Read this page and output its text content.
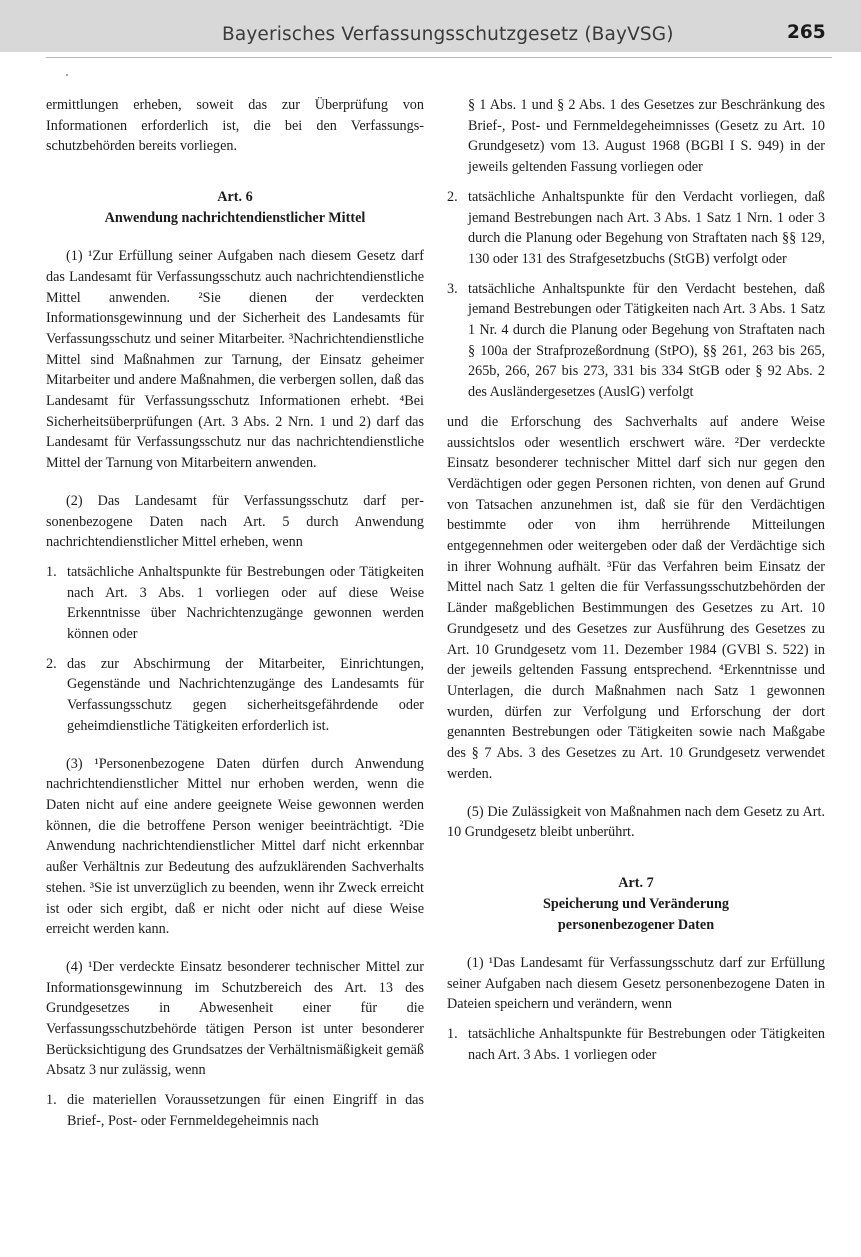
Bayerisches Verfassungsschutzgesetz (BayVSG)	265

ermittlungen erheben, soweit das zur Überprüfung von Informationen erforderlich ist, die bei den Verfassungsschutzbehörden bereits vorliegen.

Art. 6
Anwendung nachrichtendienstlicher Mittel

(1) ¹Zur Erfüllung seiner Aufgaben nach diesem Gesetz darf das Landesamt für Verfassungsschutz auch nachrichtendienstliche Mittel anwenden. ²Sie dienen der verdeckten Informationsgewinnung und der Sicherheit des Landesamts für Verfassungsschutz und seiner Mitarbeiter. ³Nachrichtendienstliche Mittel sind Maßnahmen zur Tarnung, der Einsatz geheimer Mitarbeiter und andere Maßnahmen, die verbergen sollen, daß das Landesamt für Verfassungsschutz Informationen erhebt. ⁴Bei Sicherheitsüberprüfungen (Art. 3 Abs. 2 Nrn. 1 und 2) darf das Landesamt für Verfassungsschutz nur das nachrichtendienstliche Mittel der Tarnung von Mitarbeitern anwenden.

(2) Das Landesamt für Verfassungsschutz darf personenbezogene Daten nach Art. 5 durch Anwendung nachrichtendienstlicher Mittel erheben, wenn

1. tatsächliche Anhaltspunkte für Bestrebungen oder Tätigkeiten nach Art. 3 Abs. 1 vorliegen oder auf diese Weise Erkenntnisse über Nachrichtenzugänge gewonnen werden können oder
2. das zur Abschirmung der Mitarbeiter, Einrichtungen, Gegenstände und Nachrichtenzugänge des Landesamts für Verfassungsschutz gegen sicherheitsgefährdende oder geheimdienstliche Tätigkeiten erforderlich ist.

(3) ¹Personenbezogene Daten dürfen durch Anwendung nachrichtendienstlicher Mittel nur erhoben werden, wenn die Daten nicht auf eine andere geeignete Weise gewonnen werden können, die die betroffene Person weniger beeinträchtigt. ²Die Anwendung nachrichtendienstlicher Mittel darf nicht erkennbar außer Verhältnis zur Bedeutung des aufzuklärenden Sachverhalts stehen. ³Sie ist unverzüglich zu beenden, wenn ihr Zweck erreicht ist oder sich ergibt, daß er nicht oder nicht auf diese Weise erreicht werden kann.

(4) ¹Der verdeckte Einsatz besonderer technischer Mittel zur Informationsgewinnung im Schutzbereich des Art. 13 des Grundgesetzes in Abwesenheit einer für die Verfassungsschutzbehörde tätigen Person ist unter besonderer Berücksichtigung des Grundsatzes der Verhältnismäßigkeit gemäß Absatz 3 nur zulässig, wenn

1. die materiellen Voraussetzungen für einen Eingriff in das Brief-, Post- oder Fernmeldegeheimnis nach
§ 1 Abs. 1 und § 2 Abs. 1 des Gesetzes zur Beschränkung des Brief-, Post- und Fernmeldegeheimnisses (Gesetz zu Art. 10 Grundgesetz) vom 13. August 1968 (BGBl I S. 949) in der jeweils geltenden Fassung vorliegen oder
2. tatsächliche Anhaltspunkte für den Verdacht vorliegen, daß jemand Bestrebungen nach Art. 3 Abs. 1 Satz 1 Nrn. 1 oder 3 durch die Planung oder Begehung von Straftaten nach §§ 129, 130 oder 131 des Strafgesetzbuchs (StGB) verfolgt oder
3. tatsächliche Anhaltspunkte für den Verdacht bestehen, daß jemand Bestrebungen oder Tätigkeiten nach Art. 3 Abs. 1 Satz 1 Nr. 4 durch die Planung oder Begehung von Straftaten nach § 100a der Strafprozeßordnung (StPO), §§ 261, 263 bis 265, 265b, 266, 267 bis 273, 331 bis 334 StGB oder § 92 Abs. 2 des Ausländergesetzes (AuslG) verfolgt

und die Erforschung des Sachverhalts auf andere Weise aussichtslos oder wesentlich erschwert wäre. ²Der verdeckte Einsatz besonderer technischer Mittel darf sich nur gegen den Verdächtigen oder gegen Personen richten, von denen auf Grund von Tatsachen anzunehmen ist, daß sie für den Verdächtigen bestimmte oder von ihm herrührende Mitteilungen entgegennehmen oder weitergeben oder daß der Verdächtige sich in ihrer Wohnung aufhält. ³Für das Verfahren beim Einsatz der Mittel nach Satz 1 gelten die für Verfassungsschutzbehörden der Länder maßgeblichen Bestimmungen des Gesetzes zu Art. 10 Grundgesetz und des Gesetzes zur Ausführung des Gesetzes zu Art. 10 Grundgesetz vom 11. Dezember 1984 (GVBl S. 522) in der jeweils geltenden Fassung entsprechend. ⁴Erkenntnisse und Unterlagen, die durch Maßnahmen nach Satz 1 gewonnen wurden, dürfen zur Verfolgung und Erforschung der dort genannten Bestrebungen oder Tätigkeiten sowie nach Maßgabe des § 7 Abs. 3 des Gesetzes zu Art. 10 Grundgesetz verwendet werden.

(5) Die Zulässigkeit von Maßnahmen nach dem Gesetz zu Art. 10 Grundgesetz bleibt unberührt.

Art. 7
Speicherung und Veränderung
personenbezogener Daten

(1) ¹Das Landesamt für Verfassungsschutz darf zur Erfüllung seiner Aufgaben nach diesem Gesetz personenbezogene Daten in Dateien speichern und verändern, wenn

1. tatsächliche Anhaltspunkte für Bestrebungen oder Tätigkeiten nach Art. 3 Abs. 1 vorliegen oder
